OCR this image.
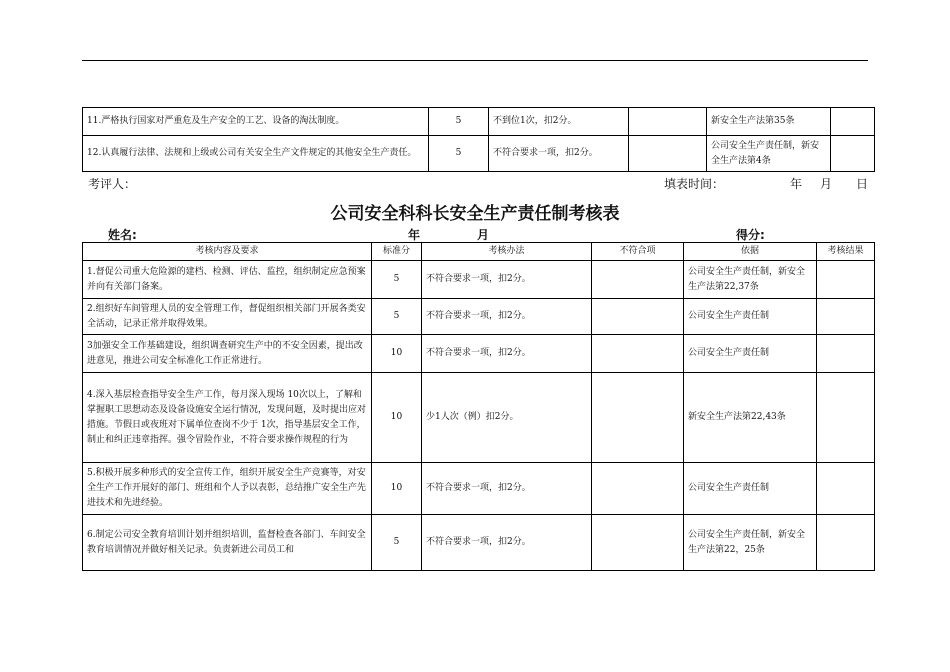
11.严格执行国家对严重危及生产安全的工艺、设备的淘汰制度。	5	不到位1次，扣2分。		新安全生产法第35条	
12.认真履行法律、法规和上级或公司有关安全生产文件规定的其他安全生产责任。	5	不符合要求一项，扣2分。		公司安全生产责任制，新安全生产法第4条	
考评人：	填表时间：	年 月 日
公司安全科科长安全生产责任制考核表
姓名:	年	月	得分:
考核内容及要求	标准分	考核办法	不符合项	依据	考核结果
1.督促公司重大危险源的建档、检测、评估、监控，组织制定应急预案并向有关部门备案。	5	不符合要求一项，扣2分。		公司安全生产责任制，新安全生产法第22,37条	
2.组织好车间管理人员的安全管理工作，督促组织相关部门开展各类安全活动，记录正常并取得效果。	5	不符合要求一项，扣2分。		公司安全生产责任制	
3加强安全工作基础建设，组织调查研究生产中的不安全因素，提出改进意见，推进公司安全标准化工作正常进行。	10	不符合要求一项，扣2分。		公司安全生产责任制	
4.深入基层检查指导安全生产工作，每月深入现场 10次以上，了解和掌握职工思想动态及设备设施安全运行情况，发现问题，及时提出应对措施。节假日或夜班对下属单位查岗不少于 1次，指导基层安全工作，制止和纠正违章指挥。强令冒险作业，不符合要求操作规程的行为	10	少1人次（例）扣2分。		新安全生产法第22,43条	
5.积极开展多种形式的安全宣传工作，组织开展安全生产竞赛等，对安全生产工作开展好的部门、班组和个人予以表彰，总结推广安全生产先进技术和先进经验。	10	不符合要求一项，扣2分。		公司安全生产责任制	
6.制定公司安全教育培训计划并组织培训，监督检查各部门、车间安全教育培训情况并做好相关记录。负责新进公司员工和	5	不符合要求一项，扣2分。		公司安全生产责任制，新安全生产法第22，25条	
